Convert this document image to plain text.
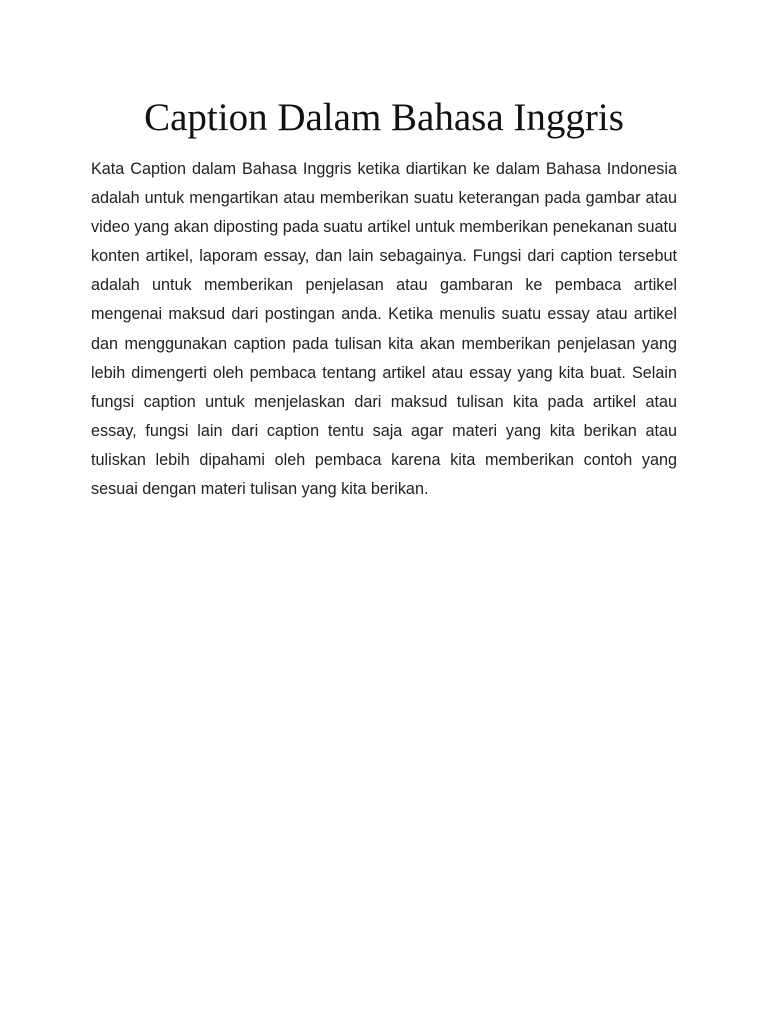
Caption Dalam Bahasa Inggris

Kata Caption dalam Bahasa Inggris ketika diartikan ke dalam Bahasa Indonesia adalah untuk mengartikan atau memberikan suatu keterangan pada gambar atau video yang akan diposting pada suatu artikel untuk memberikan penekanan suatu konten artikel, laporam essay, dan lain sebagainya. Fungsi dari caption tersebut adalah untuk memberikan penjelasan atau gambaran ke pembaca artikel mengenai maksud dari postingan anda. Ketika menulis suatu essay atau artikel dan menggunakan caption pada tulisan kita akan memberikan penjelasan yang lebih dimengerti oleh pembaca tentang artikel atau essay yang kita buat. Selain fungsi caption untuk menjelaskan dari maksud tulisan kita pada artikel atau essay, fungsi lain dari caption tentu saja agar materi yang kita berikan atau tuliskan lebih dipahami oleh pembaca karena kita memberikan contoh yang sesuai dengan materi tulisan yang kita berikan.
